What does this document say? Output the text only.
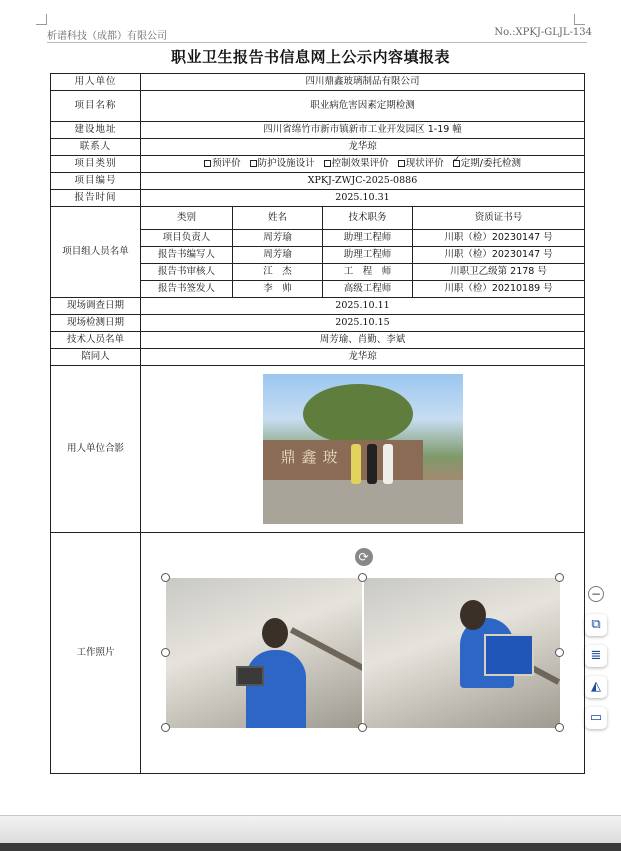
析谱科技（成都）有限公司	No.:XPKJ-GLJL-134
职业卫生报告书信息网上公示内容填报表
用人单位	四川鼎鑫玻璃制品有限公司			
项目名称	职业病危害因素定期检测			
建设地址	四川省绵竹市新市镇新市工业开发园区 1-19 幢			
联系人	龙华琼			
项目类别	预评价 防护设施设计 控制效果评价 现状评价 ✓ 定期/委托检测
项目编号	XPKJ-ZWJC-2025-0886			
报告时间	2025.10.31			
项目组人员名单	类别	姓名	技术职务	资质证书号
	项目负责人	周芳瑜	助理工程师	川职（检）20230147 号
	报告书编写人	周芳瑜	助理工程师	川职（检）20230147 号
	报告书审核人	江　杰	工　程　师	川职卫乙级第 2178 号
	报告书签发人	李　帅	高级工程师	川职（检）20210189 号
现场调查日期	2025.10.11			
现场检测日期	2025.10.15			
技术人员名单	周芳瑜、肖勤、李斌			
陪同人	龙华琼			
用人单位合影	鼎鑫玻			

工作照片	⟳			
−
⧉
≣
◭
▭
